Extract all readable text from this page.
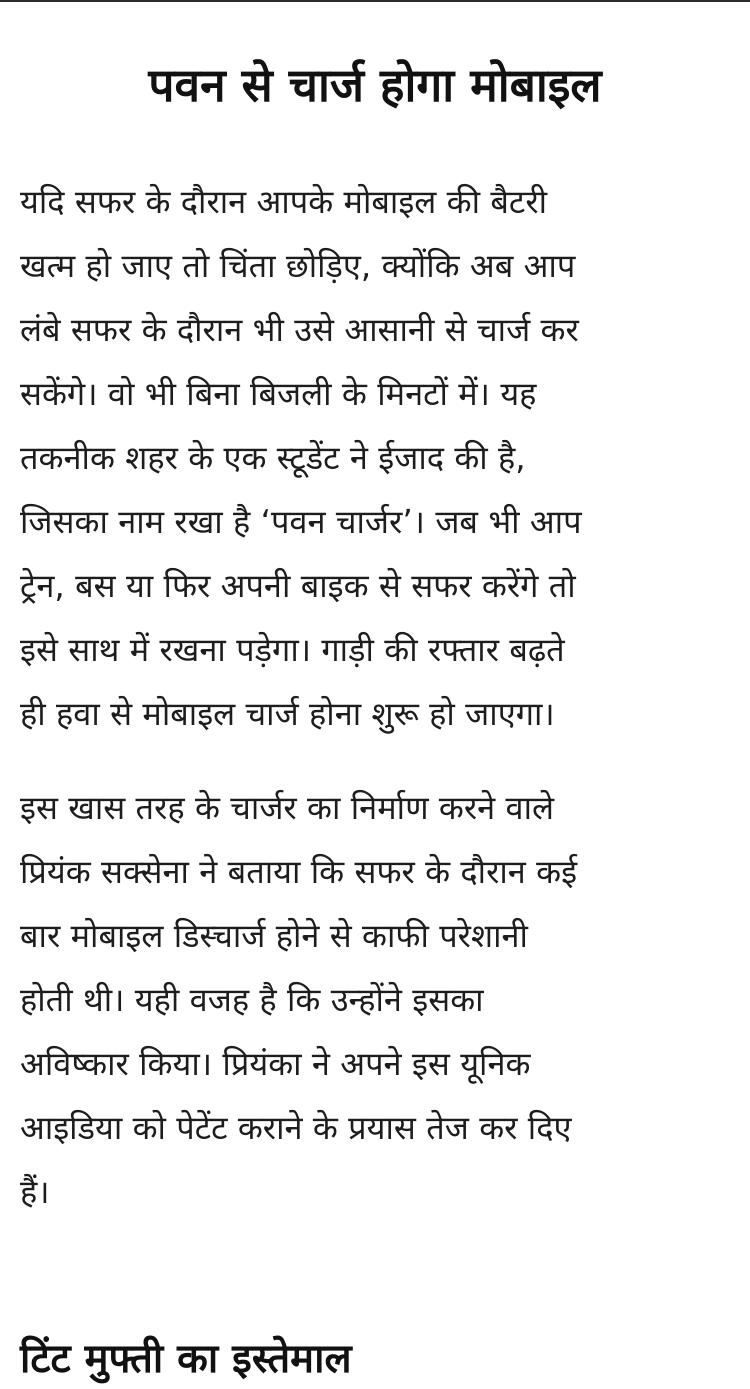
पवन से चार्ज होगा मोबाइल

यदि सफर के दौरान आपके मोबाइल की बैटरी
खत्म हो जाए तो चिंता छोड़िए, क्योंकि अब आप
लंबे सफर के दौरान भी उसे आसानी से चार्ज कर
सकेंगे। वो भी बिना बिजली के मिनटों में। यह
तकनीक शहर के एक स्टूडेंट ने ईजाद की है,
जिसका नाम रखा है ‘पवन चार्जर’। जब भी आप
ट्रेन, बस या फिर अपनी बाइक से सफर करेंगे तो
इसे साथ में रखना पड़ेगा। गाड़ी की रफ्तार बढ़ते
ही हवा से मोबाइल चार्ज होना शुरू हो जाएगा।

इस खास तरह के चार्जर का निर्माण करने वाले
प्रियंक सक्सेना ने बताया कि सफर के दौरान कई
बार मोबाइल डिस्चार्ज होने से काफी परेशानी
होती थी। यही वजह है कि उन्होंने इसका
अविष्कार किया। प्रियंका ने अपने इस यूनिक
आइडिया को पेटेंट कराने के प्रयास तेज कर दिए
हैं।

टिंट मुफ्ती का इस्तेमाल
